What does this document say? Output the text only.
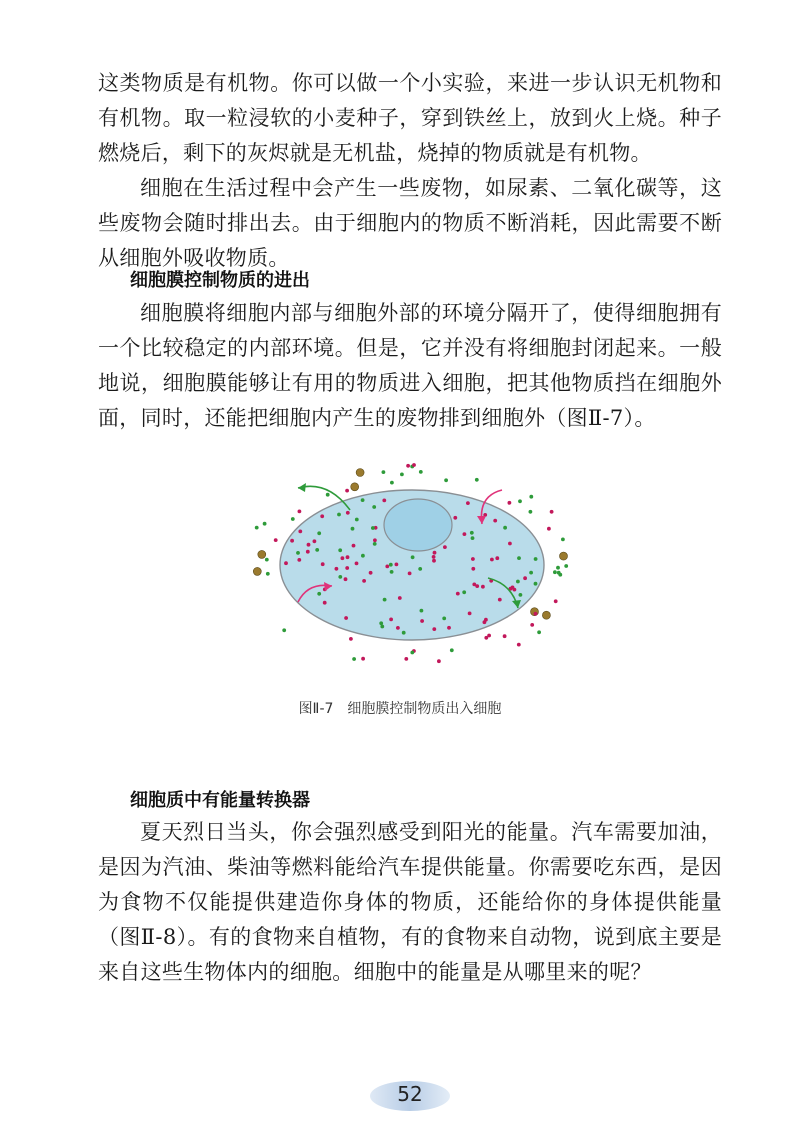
这类物质是有机物。你可以做一个小实验，来进一步认识无机物和有机物。取一粒浸软的小麦种子，穿到铁丝上，放到火上烧。种子燃烧后，剩下的灰烬就是无机盐，烧掉的物质就是有机物。

细胞在生活过程中会产生一些废物，如尿素、二氧化碳等，这些废物会随时排出去。由于细胞内的物质不断消耗，因此需要不断从细胞外吸收物质。

细胞膜控制物质的进出

细胞膜将细胞内部与细胞外部的环境分隔开了，使得细胞拥有一个比较稳定的内部环境。但是，它并没有将细胞封闭起来。一般地说，细胞膜能够让有用的物质进入细胞，把其他物质挡在细胞外面，同时，还能把细胞内产生的废物排到细胞外（图Ⅱ-7）。

图Ⅱ-7　细胞膜控制物质出入细胞
细胞质中有能量转换器

夏天烈日当头，你会强烈感受到阳光的能量。汽车需要加油，是因为汽油、柴油等燃料能给汽车提供能量。你需要吃东西，是因为食物不仅能提供建造你身体的物质，还能给你的身体提供能量（图Ⅱ-8）。有的食物来自植物，有的食物来自动物，说到底主要是来自这些生物体内的细胞。细胞中的能量是从哪里来的呢？

52
